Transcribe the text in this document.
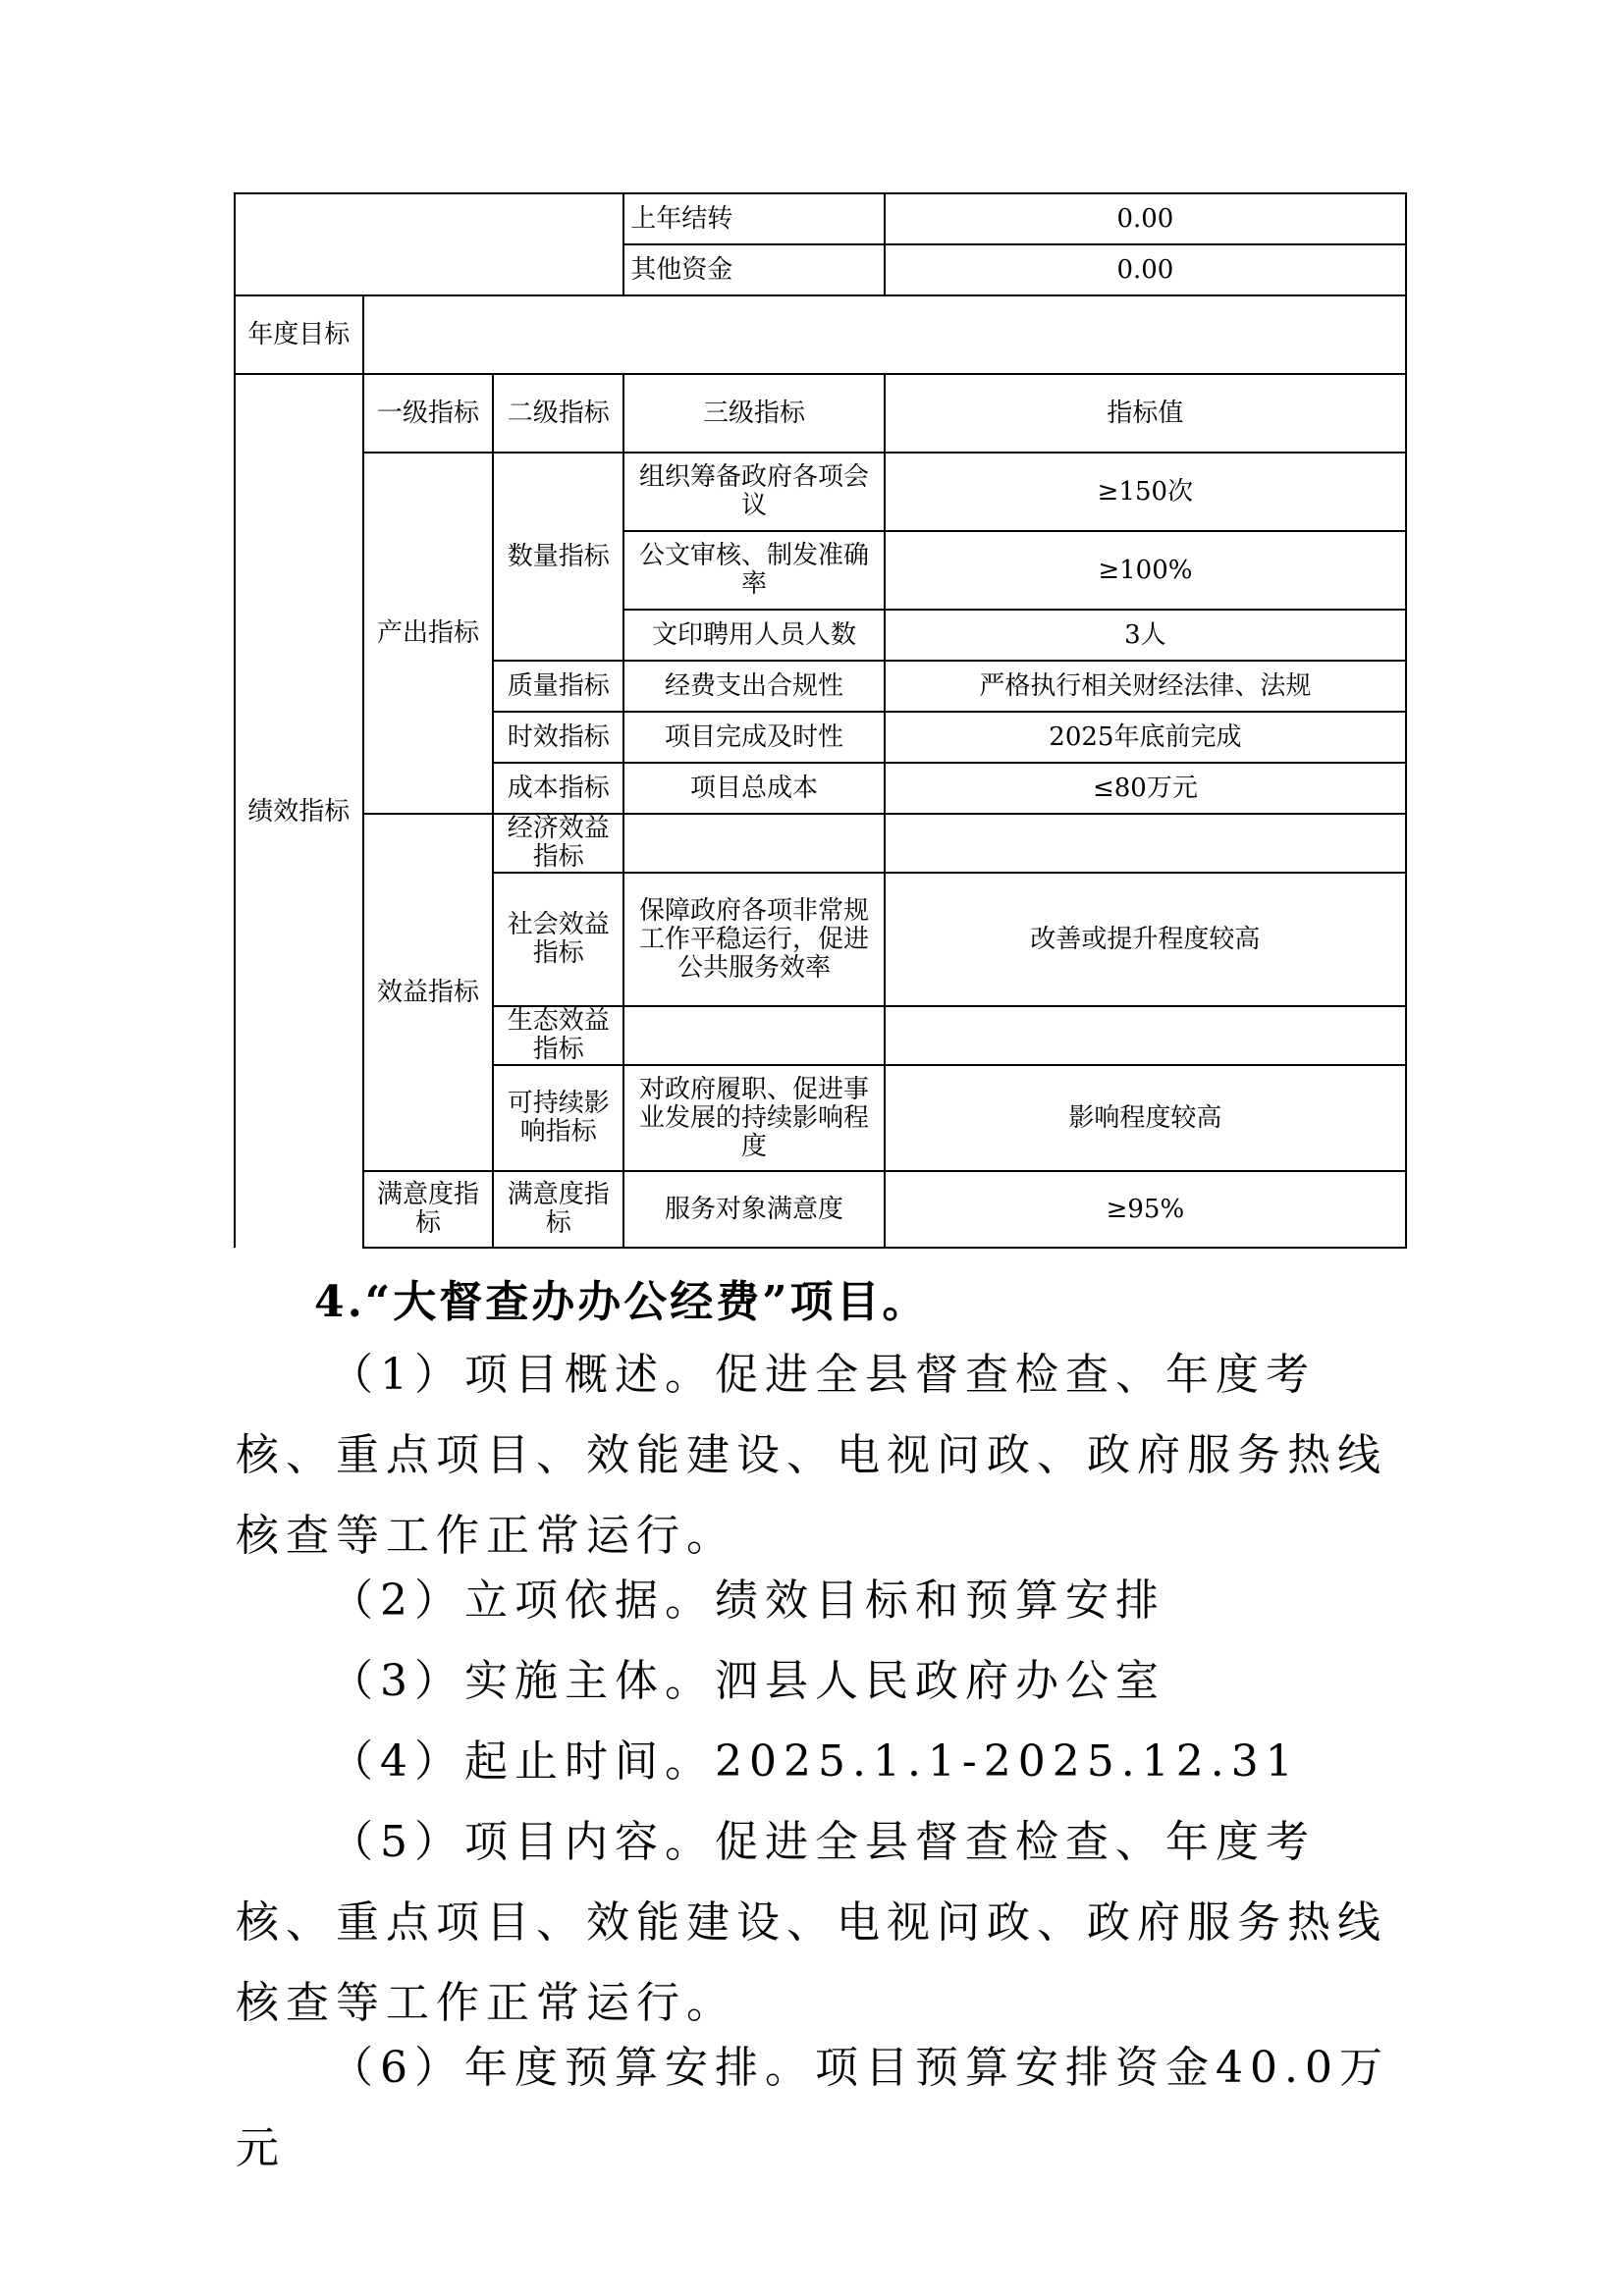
			上年结转	0.00
			其他资金	0.00
年度目标				
绩效指标	一级指标	二级指标	三级指标	指标值
	产出指标	数量指标	组织筹备政府各项会议	≥150次
			公文审核、制发准确率	≥100%
			文印聘用人员人数	3人
		质量指标	经费支出合规性	严格执行相关财经法律、法规
		时效指标	项目完成及时性	2025年底前完成
		成本指标	项目总成本	≤80万元
	效益指标	经济效益指标		
		社会效益指标	保障政府各项非常规工作平稳运行，促进公共服务效率	改善或提升程度较高
		生态效益指标		
		可持续影响指标	对政府履职、促进事业发展的持续影响程度	影响程度较高
	满意度指标	满意度指标	服务对象满意度	≥95%
4.“大督查办办公经费”项目。
（1）项目概述。促进全县督查检查、年度考核、重点项目、效能建设、电视问政、政府服务热线核查等工作正常运行。
（2）立项依据。绩效目标和预算安排
（3）实施主体。泗县人民政府办公室
（4）起止时间。2025.1.1-2025.12.31
（5）项目内容。促进全县督查检查、年度考核、重点项目、效能建设、电视问政、政府服务热线核查等工作正常运行。
（6）年度预算安排。项目预算安排资金40.0万元
